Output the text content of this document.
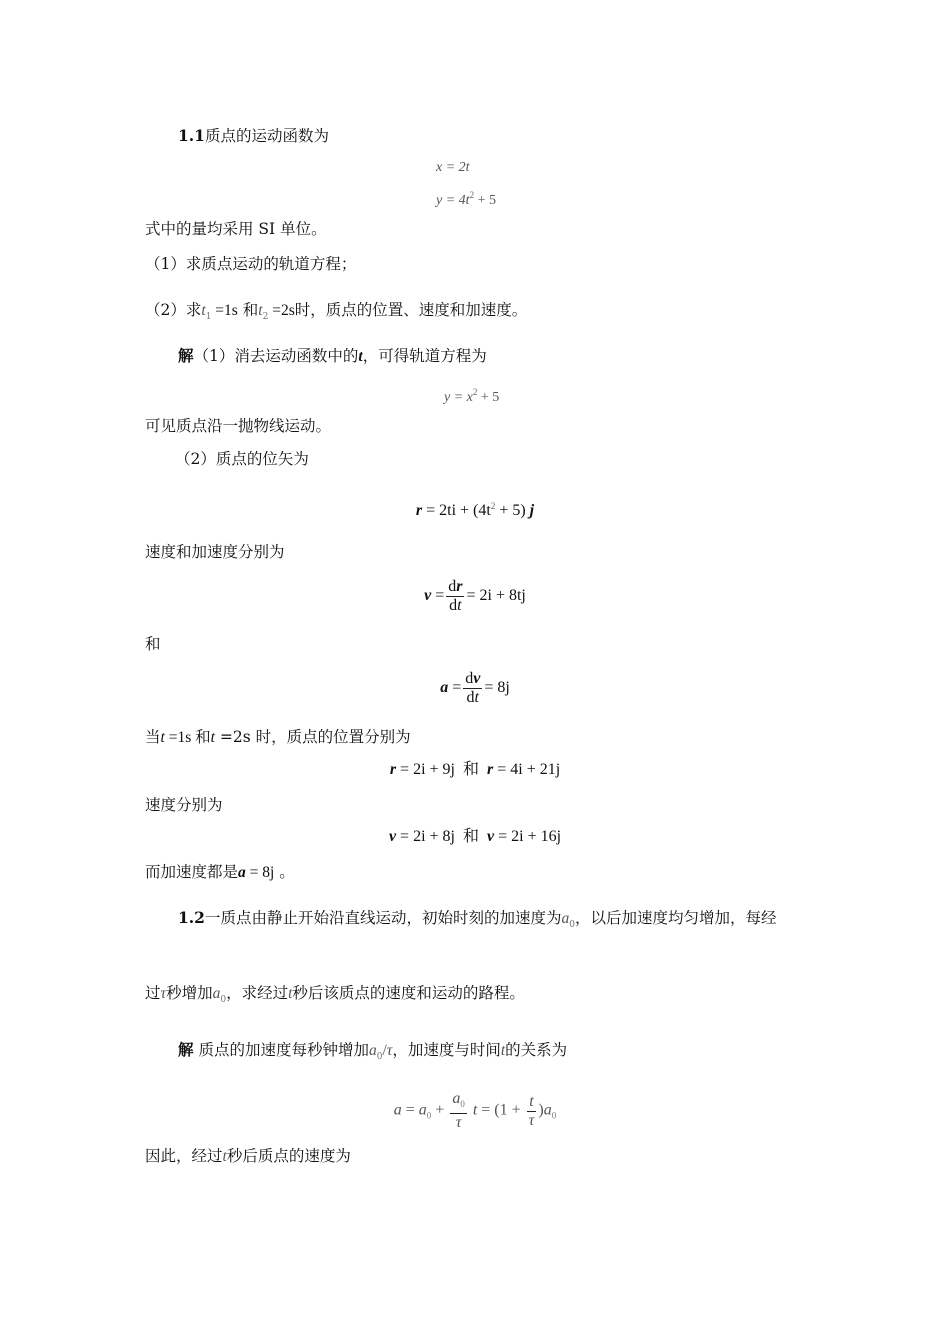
1.1质点的运动函数为
x = 2t
$y = 4t^2 + 5$
式中的量均采用 SI 单位。
（1）求质点运动的轨道方程；
（2）求$t_1 =1s$ 和$t_2 =2s$时，质点的位置、速度和加速度。
解（1）消去运动函数中的t，可得轨道方程为
$y = x^2 + 5$
可见质点沿一抛物线运动。
（2）质点的位矢为
$r = 2ti + (4t^2 + 5)$ j
速度和加速度分别为
$v = \frac{dr}{dt} = 2i + 8tj$
和
$a = \frac{dv}{dt} = 8j$
当t =1s 和t =2s 时，质点的位置分别为
r = 2i + 9j 和 r = 4i + 21j
速度分别为
v = 2i + 8j 和 v = 2i + 16j
而加速度都是a = 8j 。
1.2一质点由静止开始沿直线运动，初始时刻的加速度为$a_0$，以后加速度均匀增加，每经
过τ秒增加$a_0$，求经过t秒后该质点的速度和运动的路程。
解 质点的加速度每秒钟增加$a_0/\tau$，加速度与时间t的关系为
$a = a_0 + \frac{a_0}{\tau}$ $t = (1 + \frac{t}{\tau} )a_0$
因此，经过t秒后质点的速度为
